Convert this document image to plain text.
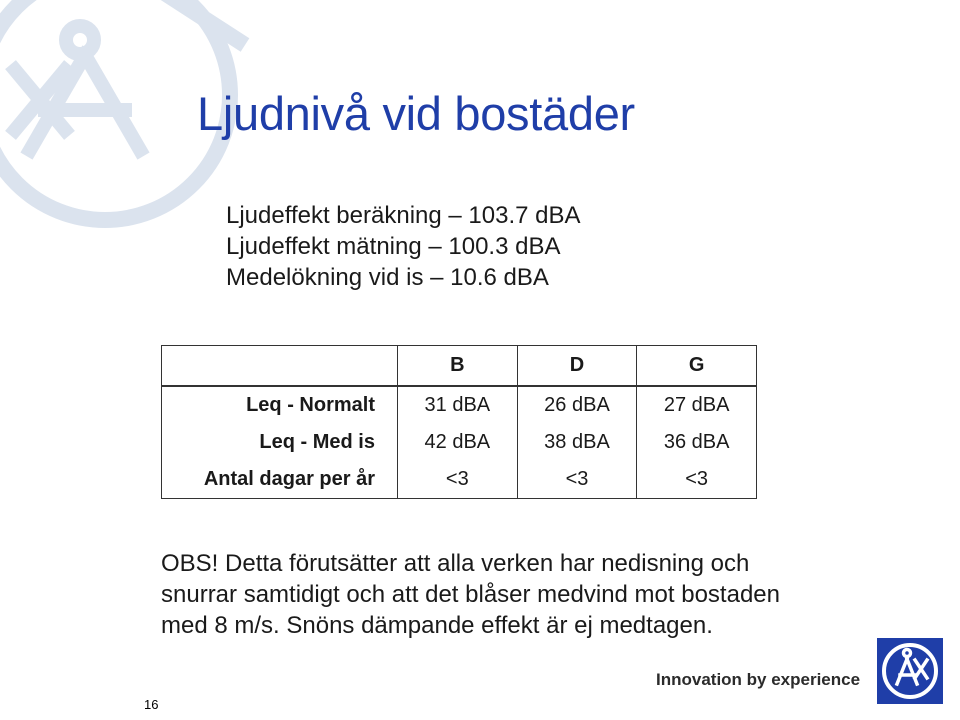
Ljudnivå vid bostäder
Ljudeffekt beräkning – 103.7 dBA
Ljudeffekt mätning – 100.3 dBA
Medelökning vid is – 10.6 dBA
	B	D	G
Leq - Normalt	31 dBA	26 dBA	27 dBA
Leq - Med is	42 dBA	38 dBA	36 dBA
Antal dagar per år	<3	<3	<3
OBS! Detta förutsätter att alla verken har nedisning och snurrar samtidigt och att det blåser medvind mot bostaden med 8 m/s. Snöns dämpande effekt är ej medtagen.
16
Innovation by experience
